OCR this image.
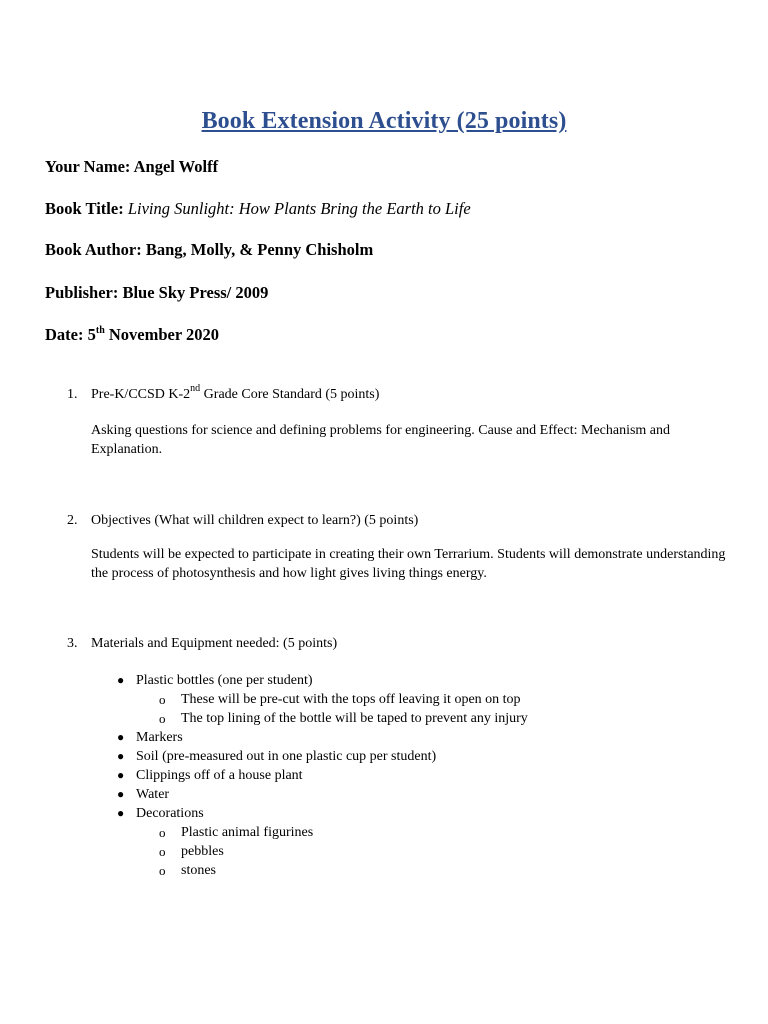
Book Extension Activity (25 points)
Your Name: Angel Wolff
Book Title: Living Sunlight: How Plants Bring the Earth to Life
Book Author: Bang, Molly, & Penny Chisholm
Publisher: Blue Sky Press/ 2009
Date: 5th November 2020
1. Pre-K/CCSD K-2nd Grade Core Standard (5 points)
Asking questions for science and defining problems for engineering. Cause and Effect: Mechanism and Explanation.
2. Objectives (What will children expect to learn?) (5 points)
Students will be expected to participate in creating their own Terrarium. Students will demonstrate understanding the process of photosynthesis and how light gives living things energy.
3. Materials and Equipment needed: (5 points)
● Plastic bottles (one per student)
o These will be pre-cut with the tops off leaving it open on top
o The top lining of the bottle will be taped to prevent any injury
● Markers
● Soil (pre-measured out in one plastic cup per student)
● Clippings off of a house plant
● Water
● Decorations
o Plastic animal figurines
o pebbles
o stones
